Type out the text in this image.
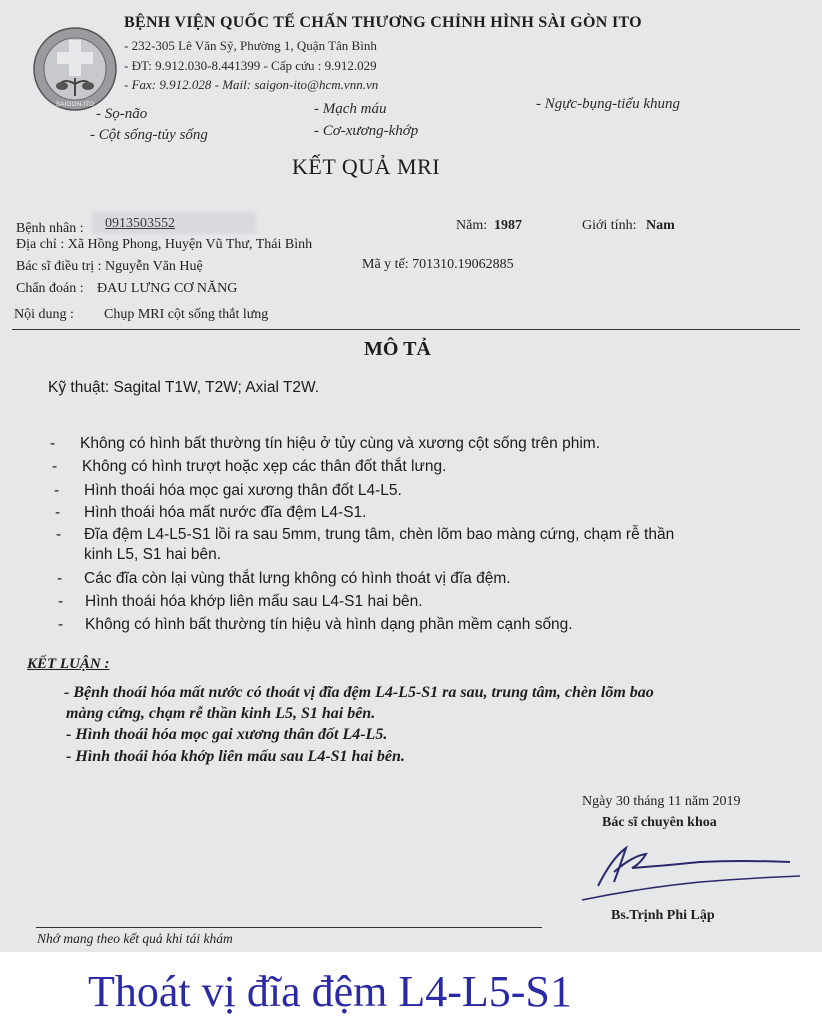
SAIGON-ITO
BỆNH VIỆN QUỐC TẾ CHẤN THƯƠNG CHỈNH HÌNH SÀI GÒN ITO
- 232-305 Lê Văn Sỹ, Phường 1, Quận Tân Bình
- ĐT: 9.912.030-8.441399 - Cấp cứu : 9.912.029
- Fax: 9.912.028 - Mail: saigon-ito@hcm.vnn.vn
- Sọ-não
- Cột sống-tủy sống
- Mạch máu
- Cơ-xương-khớp
- Ngực-bụng-tiểu khung
KẾT QUẢ MRI
Bệnh nhân : 0913503552	Năm: 1987	Giới tính: Nam
Địa chỉ : Xã Hồng Phong, Huyện Vũ Thư, Thái Bình
Bác sĩ điều trị : Nguyễn Văn Huệ	Mã y tế: 701310.19062885
Chẩn đoán : ĐAU LƯNG CƠ NĂNG
Nội dung : Chụp MRI cột sống thắt lưng
MÔ TẢ
Kỹ thuật: Sagital T1W, T2W; Axial T2W.
- Không có hình bất thường tín hiệu ở tủy cùng và xương cột sống trên phim.
- Không có hình trượt hoặc xẹp các thân đốt thắt lưng.
- Hình thoái hóa mọc gai xương thân đốt L4-L5.
- Hình thoái hóa mất nước đĩa đệm L4-S1.
- Đĩa đệm L4-L5-S1 lồi ra sau 5mm, trung tâm, chèn lõm bao màng cứng, chạm rễ thần
kinh L5, S1 hai bên.
- Các đĩa còn lại vùng thắt lưng không có hình thoát vị đĩa đệm.
- Hình thoái hóa khớp liên mấu sau L4-S1 hai bên.
- Không có hình bất thường tín hiệu và hình dạng phần mềm cạnh sống.
KẾT LUẬN :
- Bệnh thoái hóa mất nước có thoát vị đĩa đệm L4-L5-S1 ra sau, trung tâm, chèn lõm bao
màng cứng, chạm rễ thần kinh L5, S1 hai bên.
- Hình thoái hóa mọc gai xương thân đốt L4-L5.
- Hình thoái hóa khớp liên mấu sau L4-S1 hai bên.
Ngày 30 tháng 11 năm 2019
Bác sĩ chuyên khoa
Bs.Trịnh Phi Lập
Nhớ mang theo kết quả khi tái khám
Thoát vị đĩa đệm L4-L5-S1
